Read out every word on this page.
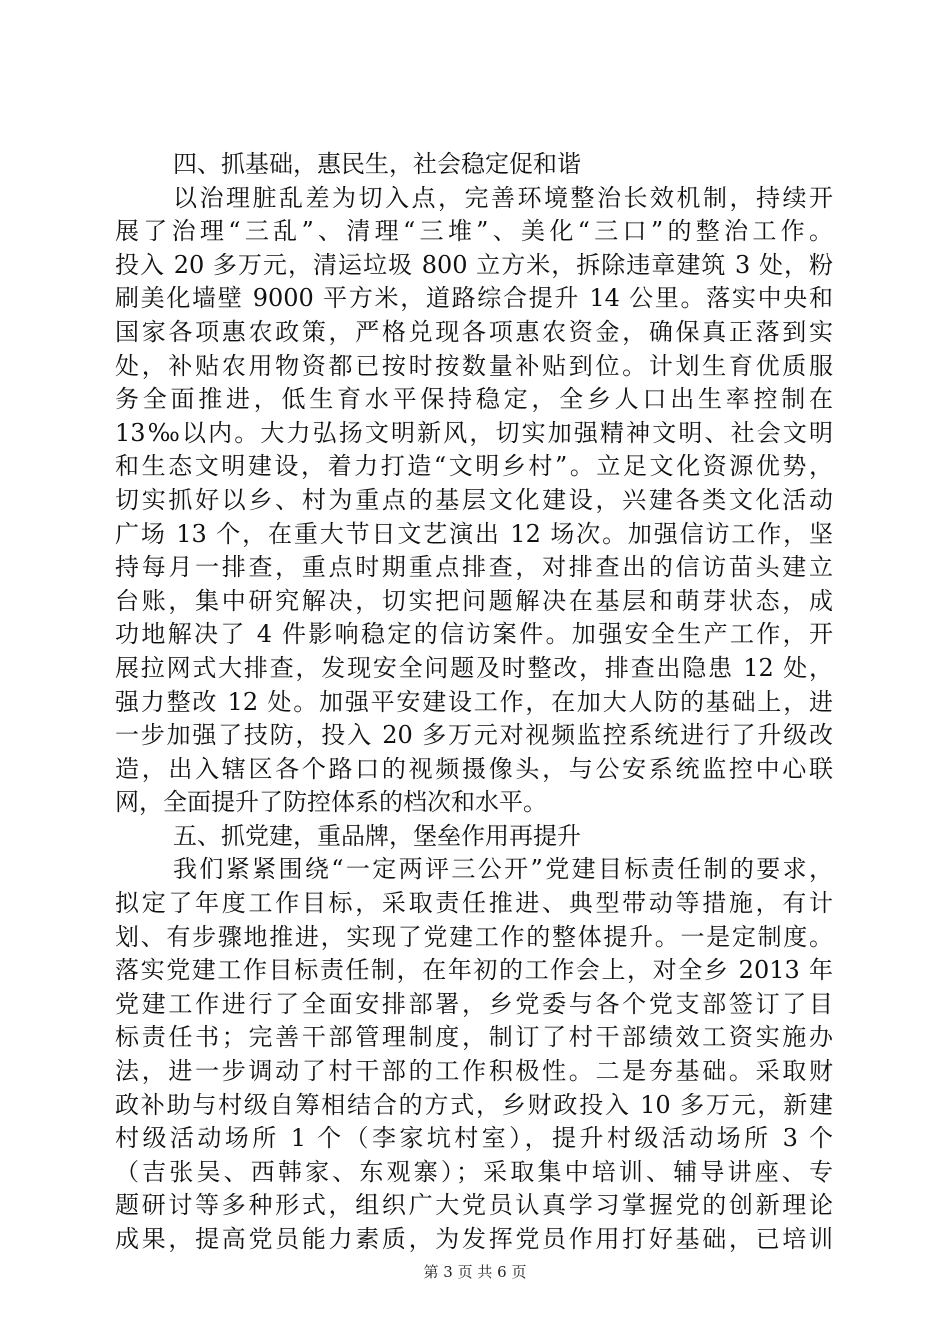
四、抓基础，惠民生，社会稳定促和谐
以治理脏乱差为切入点，完善环境整治长效机制，持续开
展了治理“三乱”、清理“三堆”、美化“三口”的整治工作。
投入 20 多万元，清运垃圾 800 立方米，拆除违章建筑 3 处，粉
刷美化墙壁 9000 平方米，道路综合提升 14 公里。落实中央和
国家各项惠农政策，严格兑现各项惠农资金，确保真正落到实
处，补贴农用物资都已按时按数量补贴到位。计划生育优质服
务全面推进，低生育水平保持稳定，全乡人口出生率控制在
13‰以内。大力弘扬文明新风，切实加强精神文明、社会文明
和生态文明建设，着力打造“文明乡村”。立足文化资源优势，
切实抓好以乡、村为重点的基层文化建设，兴建各类文化活动
广场 13 个，在重大节日文艺演出 12 场次。加强信访工作，坚
持每月一排查，重点时期重点排查，对排查出的信访苗头建立
台账，集中研究解决，切实把问题解决在基层和萌芽状态，成
功地解决了 4 件影响稳定的信访案件。加强安全生产工作，开
展拉网式大排查，发现安全问题及时整改，排查出隐患 12 处，
强力整改 12 处。加强平安建设工作，在加大人防的基础上，进
一步加强了技防，投入 20 多万元对视频监控系统进行了升级改
造，出入辖区各个路口的视频摄像头，与公安系统监控中心联
网，全面提升了防控体系的档次和水平。
五、抓党建，重品牌，堡垒作用再提升
我们紧紧围绕“一定两评三公开”党建目标责任制的要求，
拟定了年度工作目标，采取责任推进、典型带动等措施，有计
划、有步骤地推进，实现了党建工作的整体提升。一是定制度。
落实党建工作目标责任制，在年初的工作会上，对全乡 2013 年
党建工作进行了全面安排部署，乡党委与各个党支部签订了目
标责任书；完善干部管理制度，制订了村干部绩效工资实施办
法，进一步调动了村干部的工作积极性。二是夯基础。采取财
政补助与村级自筹相结合的方式，乡财政投入 10 多万元，新建
村级活动场所 1 个（李家坑村室），提升村级活动场所 3 个
（吉张吴、西韩家、东观寨）；采取集中培训、辅导讲座、专
题研讨等多种形式，组织广大党员认真学习掌握党的创新理论
成果，提高党员能力素质，为发挥党员作用打好基础，已培训
第 3 页 共 6 页
